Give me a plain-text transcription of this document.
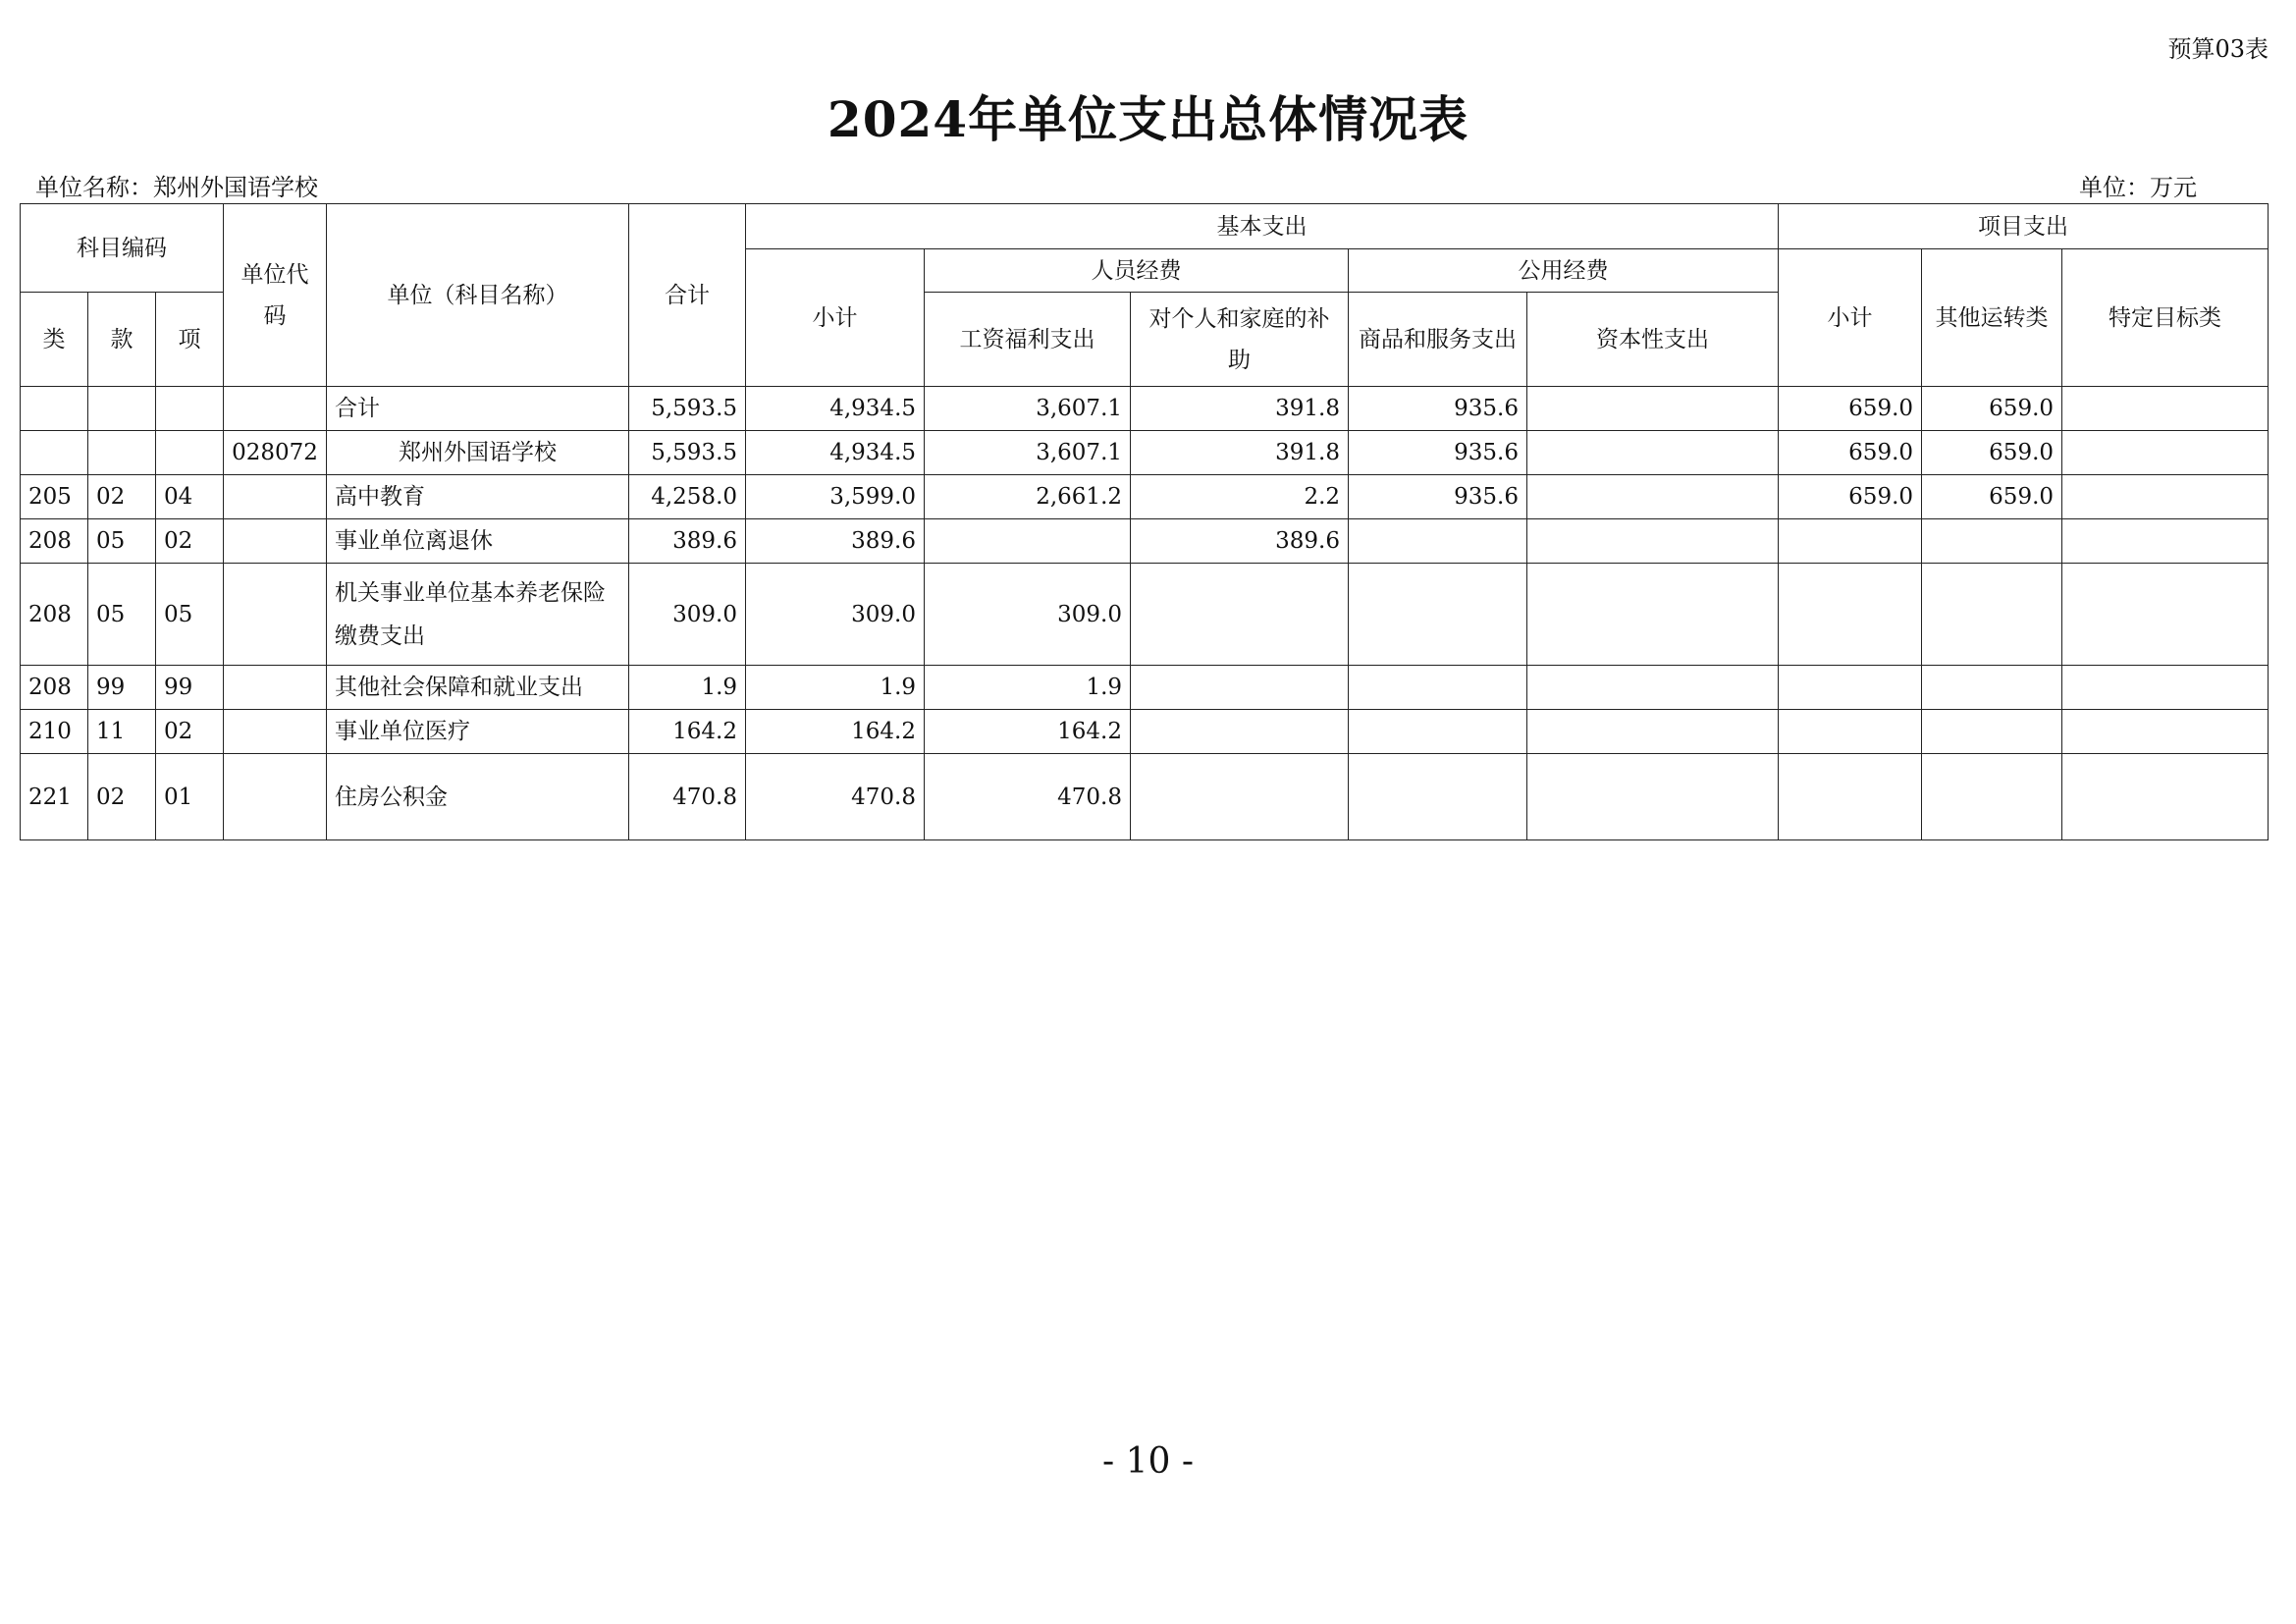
预算03表
2024年单位支出总体情况表
单位名称：郑州外国语学校	单位：万元
科目编码			单位代码	单位（科目名称）	合计	基本支出					项目支出		
						小计	人员经费		公用经费		小计	其他运转类	特定目标类
类	款	项					工资福利支出	对个人和家庭的补助	商品和服务支出	资本性支出			
				合计	5,593.5	4,934.5	3,607.1	391.8	935.6		659.0	659.0	
			028072	郑州外国语学校	5,593.5	4,934.5	3,607.1	391.8	935.6		659.0	659.0	
205	02	04		高中教育	4,258.0	3,599.0	2,661.2	2.2	935.6		659.0	659.0	
208	05	02		事业单位离退休	389.6	389.6		389.6					
208	05	05		机关事业单位基本养老保险缴费支出	309.0	309.0	309.0						
208	99	99		其他社会保障和就业支出	1.9	1.9	1.9						
210	11	02		事业单位医疗	164.2	164.2	164.2						
221	02	01		住房公积金	470.8	470.8	470.8						
- 10 -
